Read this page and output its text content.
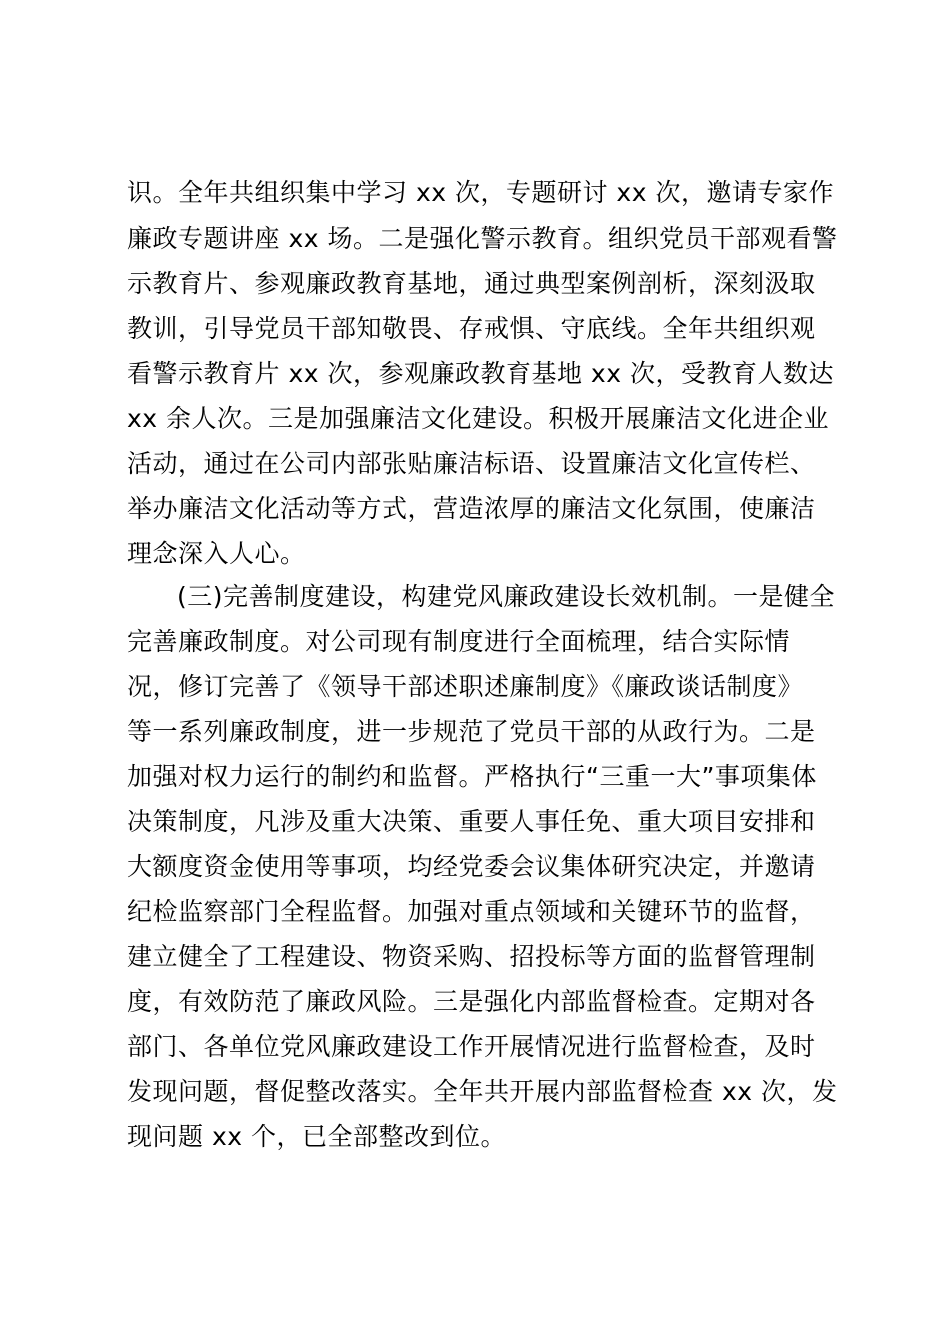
识。全年共组织集中学习 xx 次，专题研讨 xx 次，邀请专家作
廉政专题讲座 xx 场。二是强化警示教育。组织党员干部观看警
示教育片、参观廉政教育基地，通过典型案例剖析，深刻汲取
教训，引导党员干部知敬畏、存戒惧、守底线。全年共组织观
看警示教育片 xx 次，参观廉政教育基地 xx 次，受教育人数达
xx 余人次。三是加强廉洁文化建设。积极开展廉洁文化进企业
活动，通过在公司内部张贴廉洁标语、设置廉洁文化宣传栏、
举办廉洁文化活动等方式，营造浓厚的廉洁文化氛围，使廉洁
理念深入人心。
(三)完善制度建设，构建党风廉政建设长效机制。一是健全
完善廉政制度。对公司现有制度进行全面梳理，结合实际情
况，修订完善了《领导干部述职述廉制度》《廉政谈话制度》
等一系列廉政制度，进一步规范了党员干部的从政行为。二是
加强对权力运行的制约和监督。严格执行“三重一大”事项集体
决策制度，凡涉及重大决策、重要人事任免、重大项目安排和
大额度资金使用等事项，均经党委会议集体研究决定，并邀请
纪检监察部门全程监督。加强对重点领域和关键环节的监督，
建立健全了工程建设、物资采购、招投标等方面的监督管理制
度，有效防范了廉政风险。三是强化内部监督检查。定期对各
部门、各单位党风廉政建设工作开展情况进行监督检查，及时
发现问题，督促整改落实。全年共开展内部监督检查 xx 次，发
现问题 xx 个，已全部整改到位。
